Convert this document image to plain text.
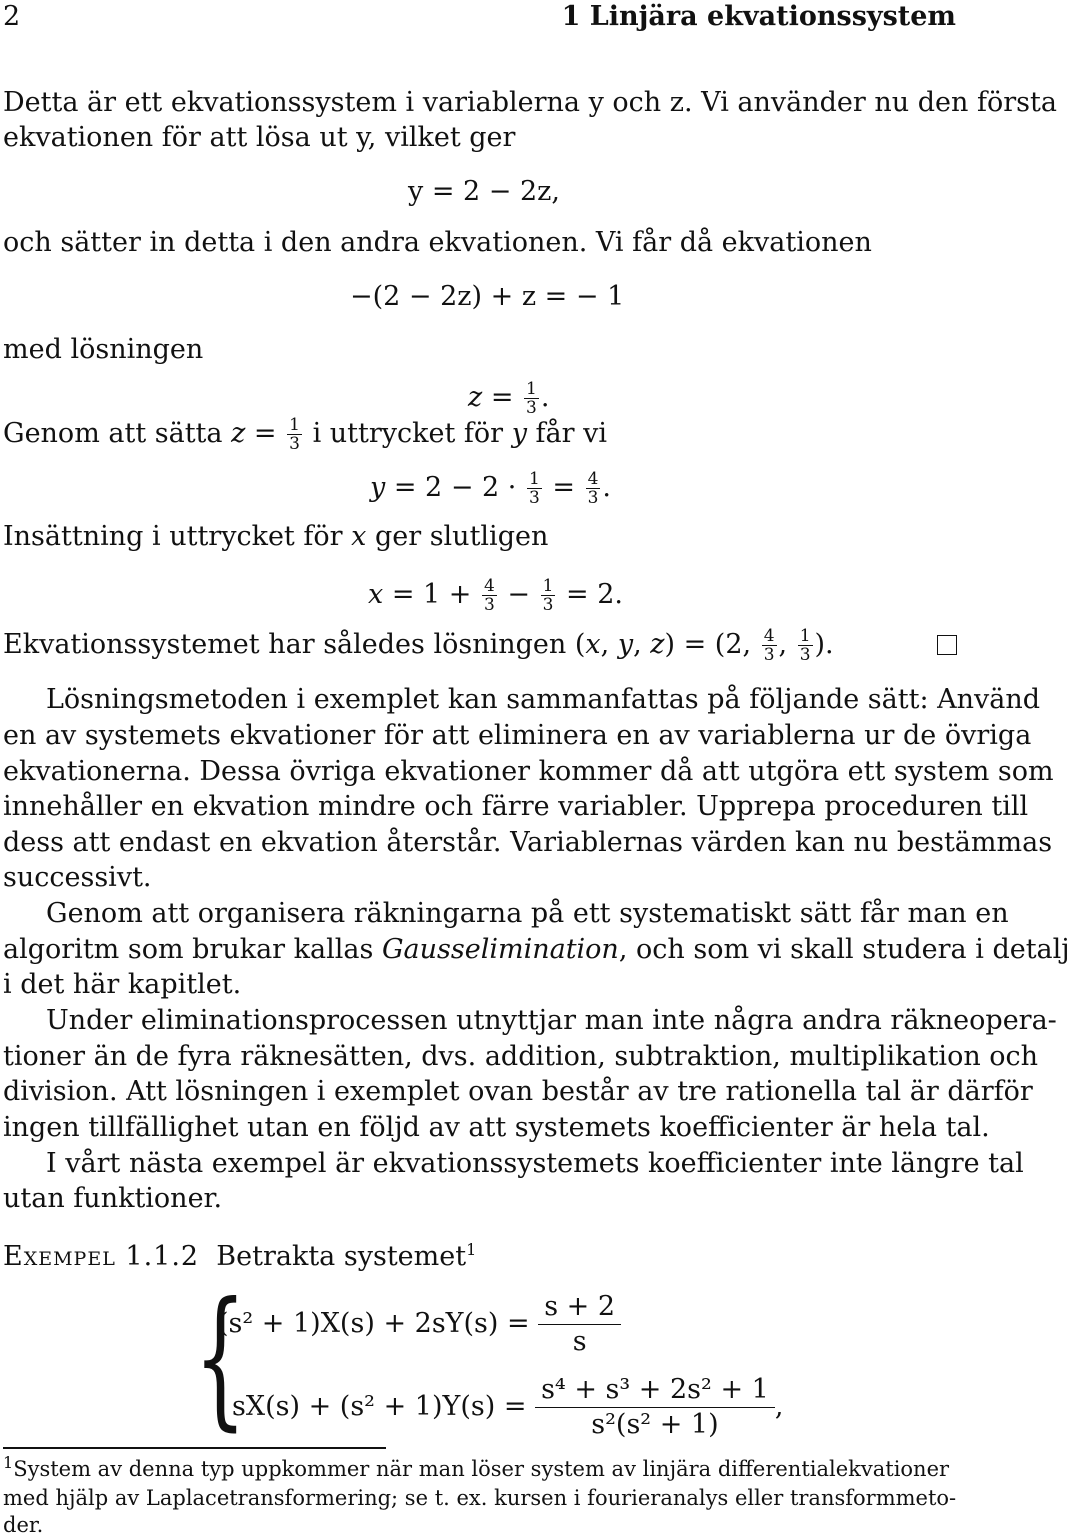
2	1 Linjära ekvationssystem
Detta är ett ekvationssystem i variablerna y och z. Vi använder nu den första
ekvationen för att lösa ut y, vilket ger
y = 2 − 2z,
och sätter in detta i den andra ekvationen. Vi får då ekvationen
−(2 − 2z) + z = − 1
med lösningen
$z = \frac{1}{3}$ .
Genom att sätta $z = \frac{1}{3}$ i uttrycket för y får vi
$y = 2 - 2 \cdot \frac{1}{3} = \frac{4}{3}$ .
Insättning i uttrycket för x ger slutligen
$x = 1 + \frac{4}{3} - \frac{1}{3} = 2$.
Ekvationssystemet har således lösningen (x, y, z) = (2, $\frac{4}{3}$ , $\frac{1}{3}$ ).
Lösningsmetoden i exemplet kan sammanfattas på följande sätt: Använd
en av systemets ekvationer för att eliminera en av variablerna ur de övriga
ekvationerna. Dessa övriga ekvationer kommer då att utgöra ett system som
innehåller en ekvation mindre och färre variabler. Upprepa proceduren till
dess att endast en ekvation återstår. Variablernas värden kan nu bestämmas
successivt.
Genom att organisera räkningarna på ett systematiskt sätt får man en
algoritm som brukar kallas Gausselimination, och som vi skall studera i detalj
i det här kapitlet.
Under eliminationsprocessen utnyttjar man inte några andra räkneopera-
tioner än de fyra räknesätten, dvs. addition, subtraktion, multiplikation och
division. Att lösningen i exemplet ovan består av tre rationella tal är därför
ingen tillfällighet utan en följd av att systemets koefficienter är hela tal.
I vårt nästa exempel är ekvationssystemets koefficienter inte längre tal
utan funktioner.
Exempel 1.1.2 Betrakta systemet$^1$
{
$(s^2 + 1)X(s) + 2sY(s) = \frac{s + 2}{s}$
$sX(s) + (s^2 + 1)Y(s) = \frac{\text{s⁴ + s³ + 2s² + 1}}{\text{s²(s² + 1)}}$ ,
$^1$System av denna typ uppkommer när man löser system av linjära differentialekvationer
med hjälp av Laplacetransformering; se t. ex. kursen i fourieranalys eller transformmeto-
der.
